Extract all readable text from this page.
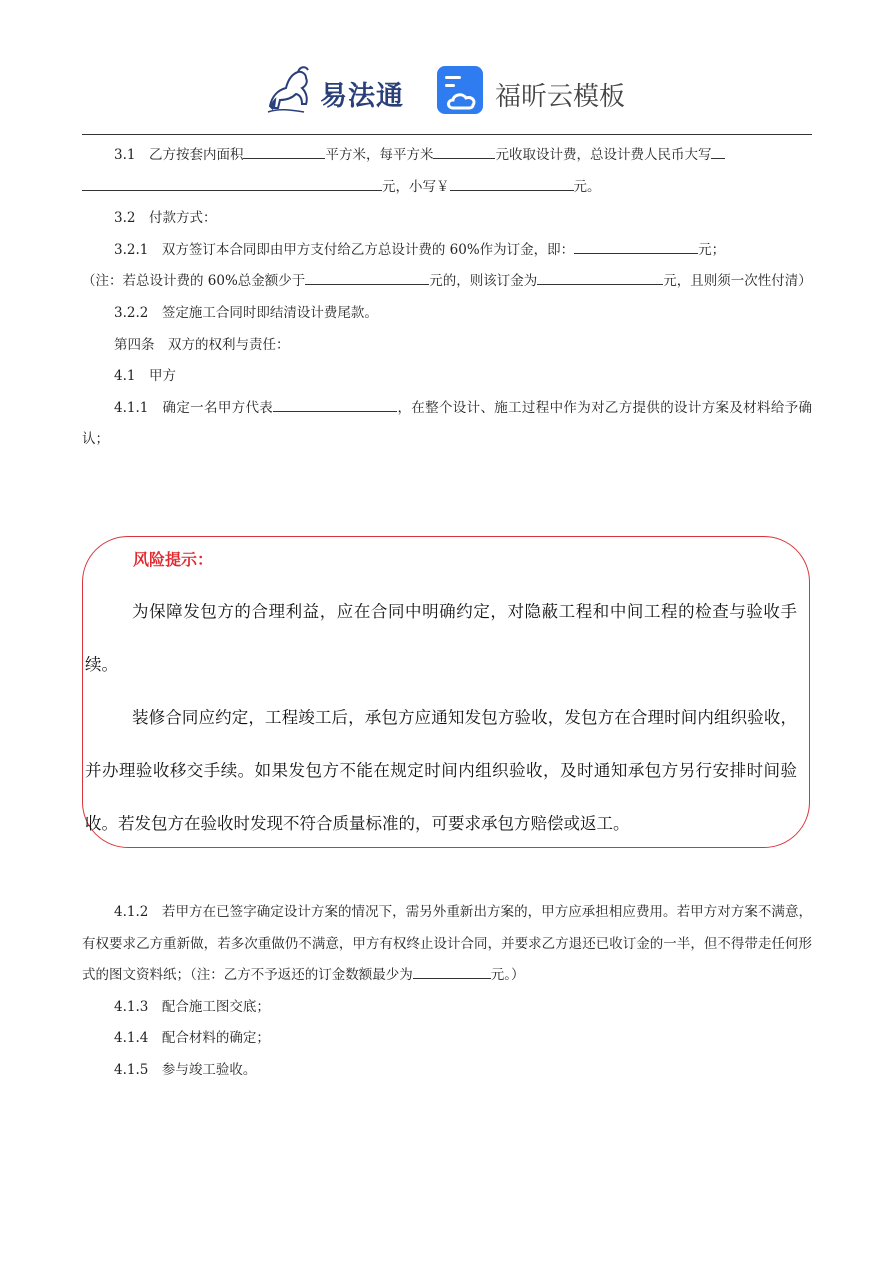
易法通	福昕云模板

3.1　乙方按套内面积	平方米，每平方米	元收取设计费，总设计费人民币大写
元，小写￥	元。

3.2　付款方式：

3.2.1　双方签订本合同即由甲方支付给乙方总设计费的 60%作为订金，即：	元；

（注：若总设计费的 60%总金额少于	元的，则该订金为	元，且则须一次性付清）

3.2.2　签定施工合同时即结清设计费尾款。

第四条　双方的权利与责任：

4.1　甲方

4.1.1　确定一名甲方代表	，在整个设计、施工过程中作为对乙方提供的设计方案及材料给予确认；

风险提示：

为保障发包方的合理利益，应在合同中明确约定，对隐蔽工程和中间工程的检查与验收手续。

装修合同应约定，工程竣工后，承包方应通知发包方验收，发包方在合理时间内组织验收，并办理验收移交手续。如果发包方不能在规定时间内组织验收，及时通知承包方另行安排时间验收。若发包方在验收时发现不符合质量标准的，可要求承包方赔偿或返工。

4.1.2　若甲方在已签字确定设计方案的情况下，需另外重新出方案的，甲方应承担相应费用。若甲方对方案不满意，有权要求乙方重新做，若多次重做仍不满意，甲方有权终止设计合同，并要求乙方退还已收订金的一半，但不得带走任何形式的图文资料纸；（注：乙方不予返还的订金数额最少为	元。）

4.1.3　配合施工图交底；

4.1.4　配合材料的确定；

4.1.5　参与竣工验收。
